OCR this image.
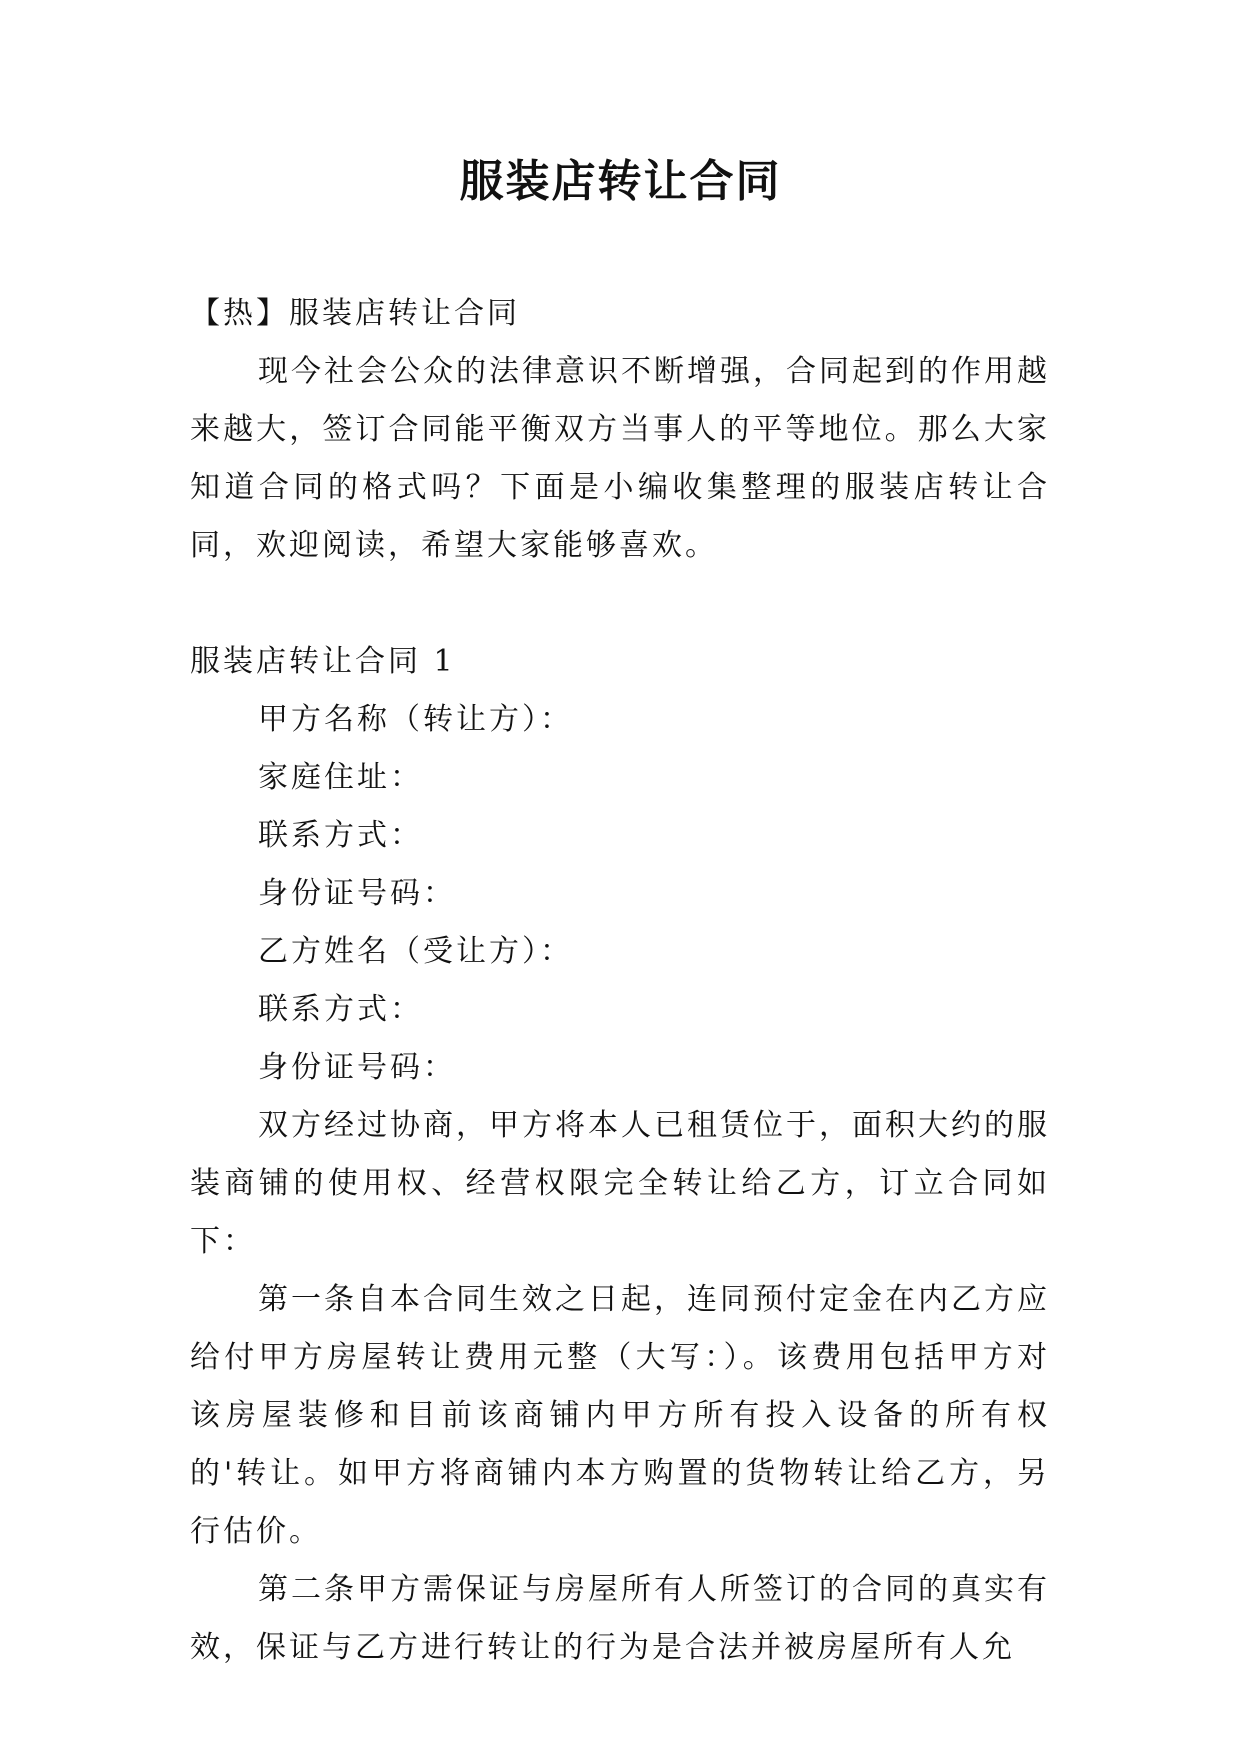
服装店转让合同

【热】服装店转让合同

现今社会公众的法律意识不断增强，合同起到的作用越来越大，签订合同能平衡双方当事人的平等地位。那么大家知道合同的格式吗？下面是小编收集整理的服装店转让合同，欢迎阅读，希望大家能够喜欢。

服装店转让合同 1

甲方名称（转让方）：

家庭住址：

联系方式：

身份证号码：

乙方姓名（受让方）：

联系方式：

身份证号码：

双方经过协商，甲方将本人已租赁位于，面积大约的服装商铺的使用权、经营权限完全转让给乙方，订立合同如下：

第一条自本合同生效之日起，连同预付定金在内乙方应给付甲方房屋转让费用元整（大写：）。该费用包括甲方对该房屋装修和目前该商铺内甲方所有投入设备的所有权的'转让。如甲方将商铺内本方购置的货物转让给乙方，另行估价。

第二条甲方需保证与房屋所有人所签订的合同的真实有效，保证与乙方进行转让的行为是合法并被房屋所有人允
